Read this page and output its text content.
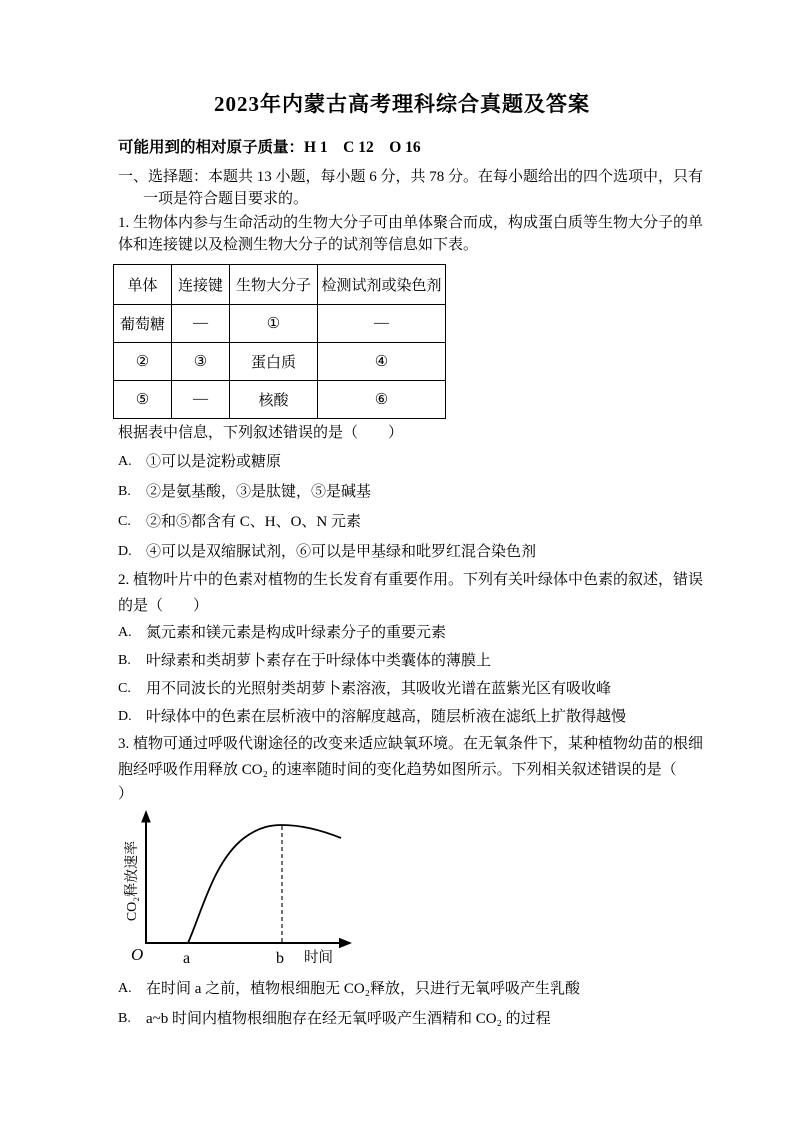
2023年内蒙古高考理科综合真题及答案
可能用到的相对原子质量：H 1    C 12    O 16
一、选择题：本题共 13 小题，每小题 6 分，共 78 分。在每小题给出的四个选项中，只有
一项是符合题目要求的。
1. 生物体内参与生命活动的生物大分子可由单体聚合而成，构成蛋白质等生物大分子的单
体和连接键以及检测生物大分子的试剂等信息如下表。
单体	连接键	生物大分子	检测试剂或染色剂
葡萄糖	—	①	—
②	③	蛋白质	④
⑤	—	核酸	⑥
根据表中信息，下列叙述错误的是（　　）
A. ①可以是淀粉或糖原
B.	②是氨基酸，③是肽键，⑤是碱基
C.	②和⑤都含有 C、H、O、N 元素
D. ④可以是双缩脲试剂，⑥可以是甲基绿和吡罗红混合染色剂
2. 植物叶片中的色素对植物的生长发育有重要作用。下列有关叶绿体中色素的叙述，错误
的是（　　）
A. 氮元素和镁元素是构成叶绿素分子的重要元素
B.	叶绿素和类胡萝卜素存在于叶绿体中类囊体的薄膜上
C.	用不同波长的光照射类胡萝卜素溶液，其吸收光谱在蓝紫光区有吸收峰
D. 叶绿体中的色素在层析液中的溶解度越高，随层析液在滤纸上扩散得越慢
3. 植物可通过呼吸代谢途径的改变来适应缺氧环境。在无氧条件下，某种植物幼苗的根细
胞经呼吸作用释放 CO₂ 的速率随时间的变化趋势如图所示。下列相关叙述错误的是（
）
O a	b 时间
CO₂释放速率
A. 在时间 a 之前，植物根细胞无 CO₂释放，只进行无氧呼吸产生乳酸
B.	a~b 时间内植物根细胞存在经无氧呼吸产生酒精和 CO₂ 的过程
